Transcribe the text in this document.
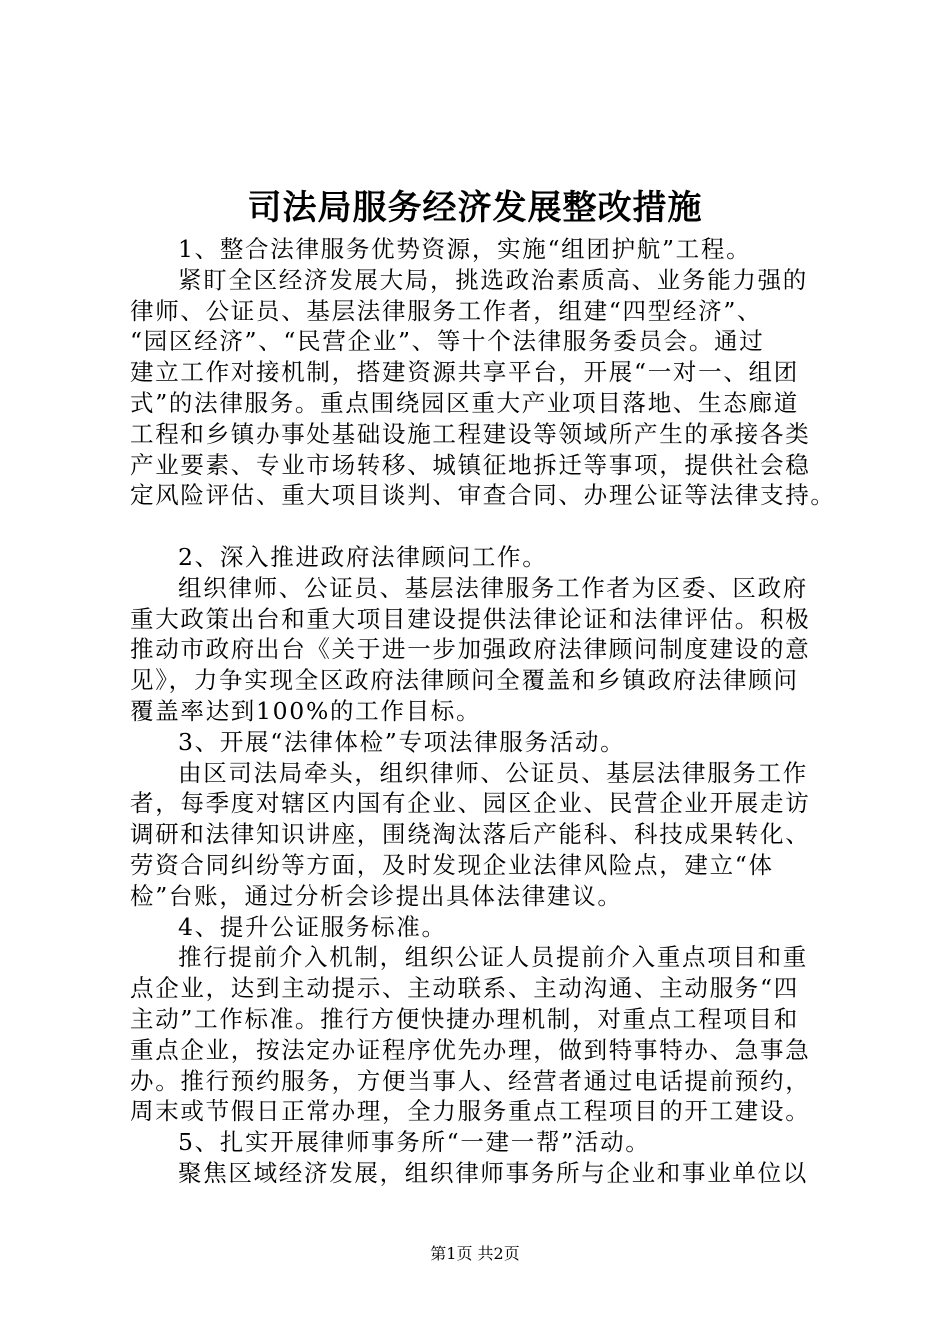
司法局服务经济发展整改措施
1、整合法律服务优势资源，实施“组团护航”工程。
紧盯全区经济发展大局，挑选政治素质高、业务能力强的
律师、公证员、基层法律服务工作者，组建“四型经济”、
“园区经济”、“民营企业”、等十个法律服务委员会。通过
建立工作对接机制，搭建资源共享平台，开展“一对一、组团
式”的法律服务。重点围绕园区重大产业项目落地、生态廊道
工程和乡镇办事处基础设施工程建设等领域所产生的承接各类
产业要素、专业市场转移、城镇征地拆迁等事项，提供社会稳
定风险评估、重大项目谈判、审查合同、办理公证等法律支持。
2、深入推进政府法律顾问工作。
组织律师、公证员、基层法律服务工作者为区委、区政府
重大政策出台和重大项目建设提供法律论证和法律评估。积极
推动市政府出台《关于进一步加强政府法律顾问制度建设的意
见》，力争实现全区政府法律顾问全覆盖和乡镇政府法律顾问
覆盖率达到100%的工作目标。
3、开展“法律体检”专项法律服务活动。
由区司法局牵头，组织律师、公证员、基层法律服务工作
者，每季度对辖区内国有企业、园区企业、民营企业开展走访
调研和法律知识讲座，围绕淘汰落后产能科、科技成果转化、
劳资合同纠纷等方面，及时发现企业法律风险点，建立“体
检”台账，通过分析会诊提出具体法律建议。
4、提升公证服务标准。
推行提前介入机制，组织公证人员提前介入重点项目和重
点企业，达到主动提示、主动联系、主动沟通、主动服务“四
主动”工作标准。推行方便快捷办理机制，对重点工程项目和
重点企业，按法定办证程序优先办理，做到特事特办、急事急
办。推行预约服务，方便当事人、经营者通过电话提前预约，
周末或节假日正常办理，全力服务重点工程项目的开工建设。
5、扎实开展律师事务所“一建一帮”活动。
聚焦区域经济发展，组织律师事务所与企业和事业单位以
第1页 共2页
